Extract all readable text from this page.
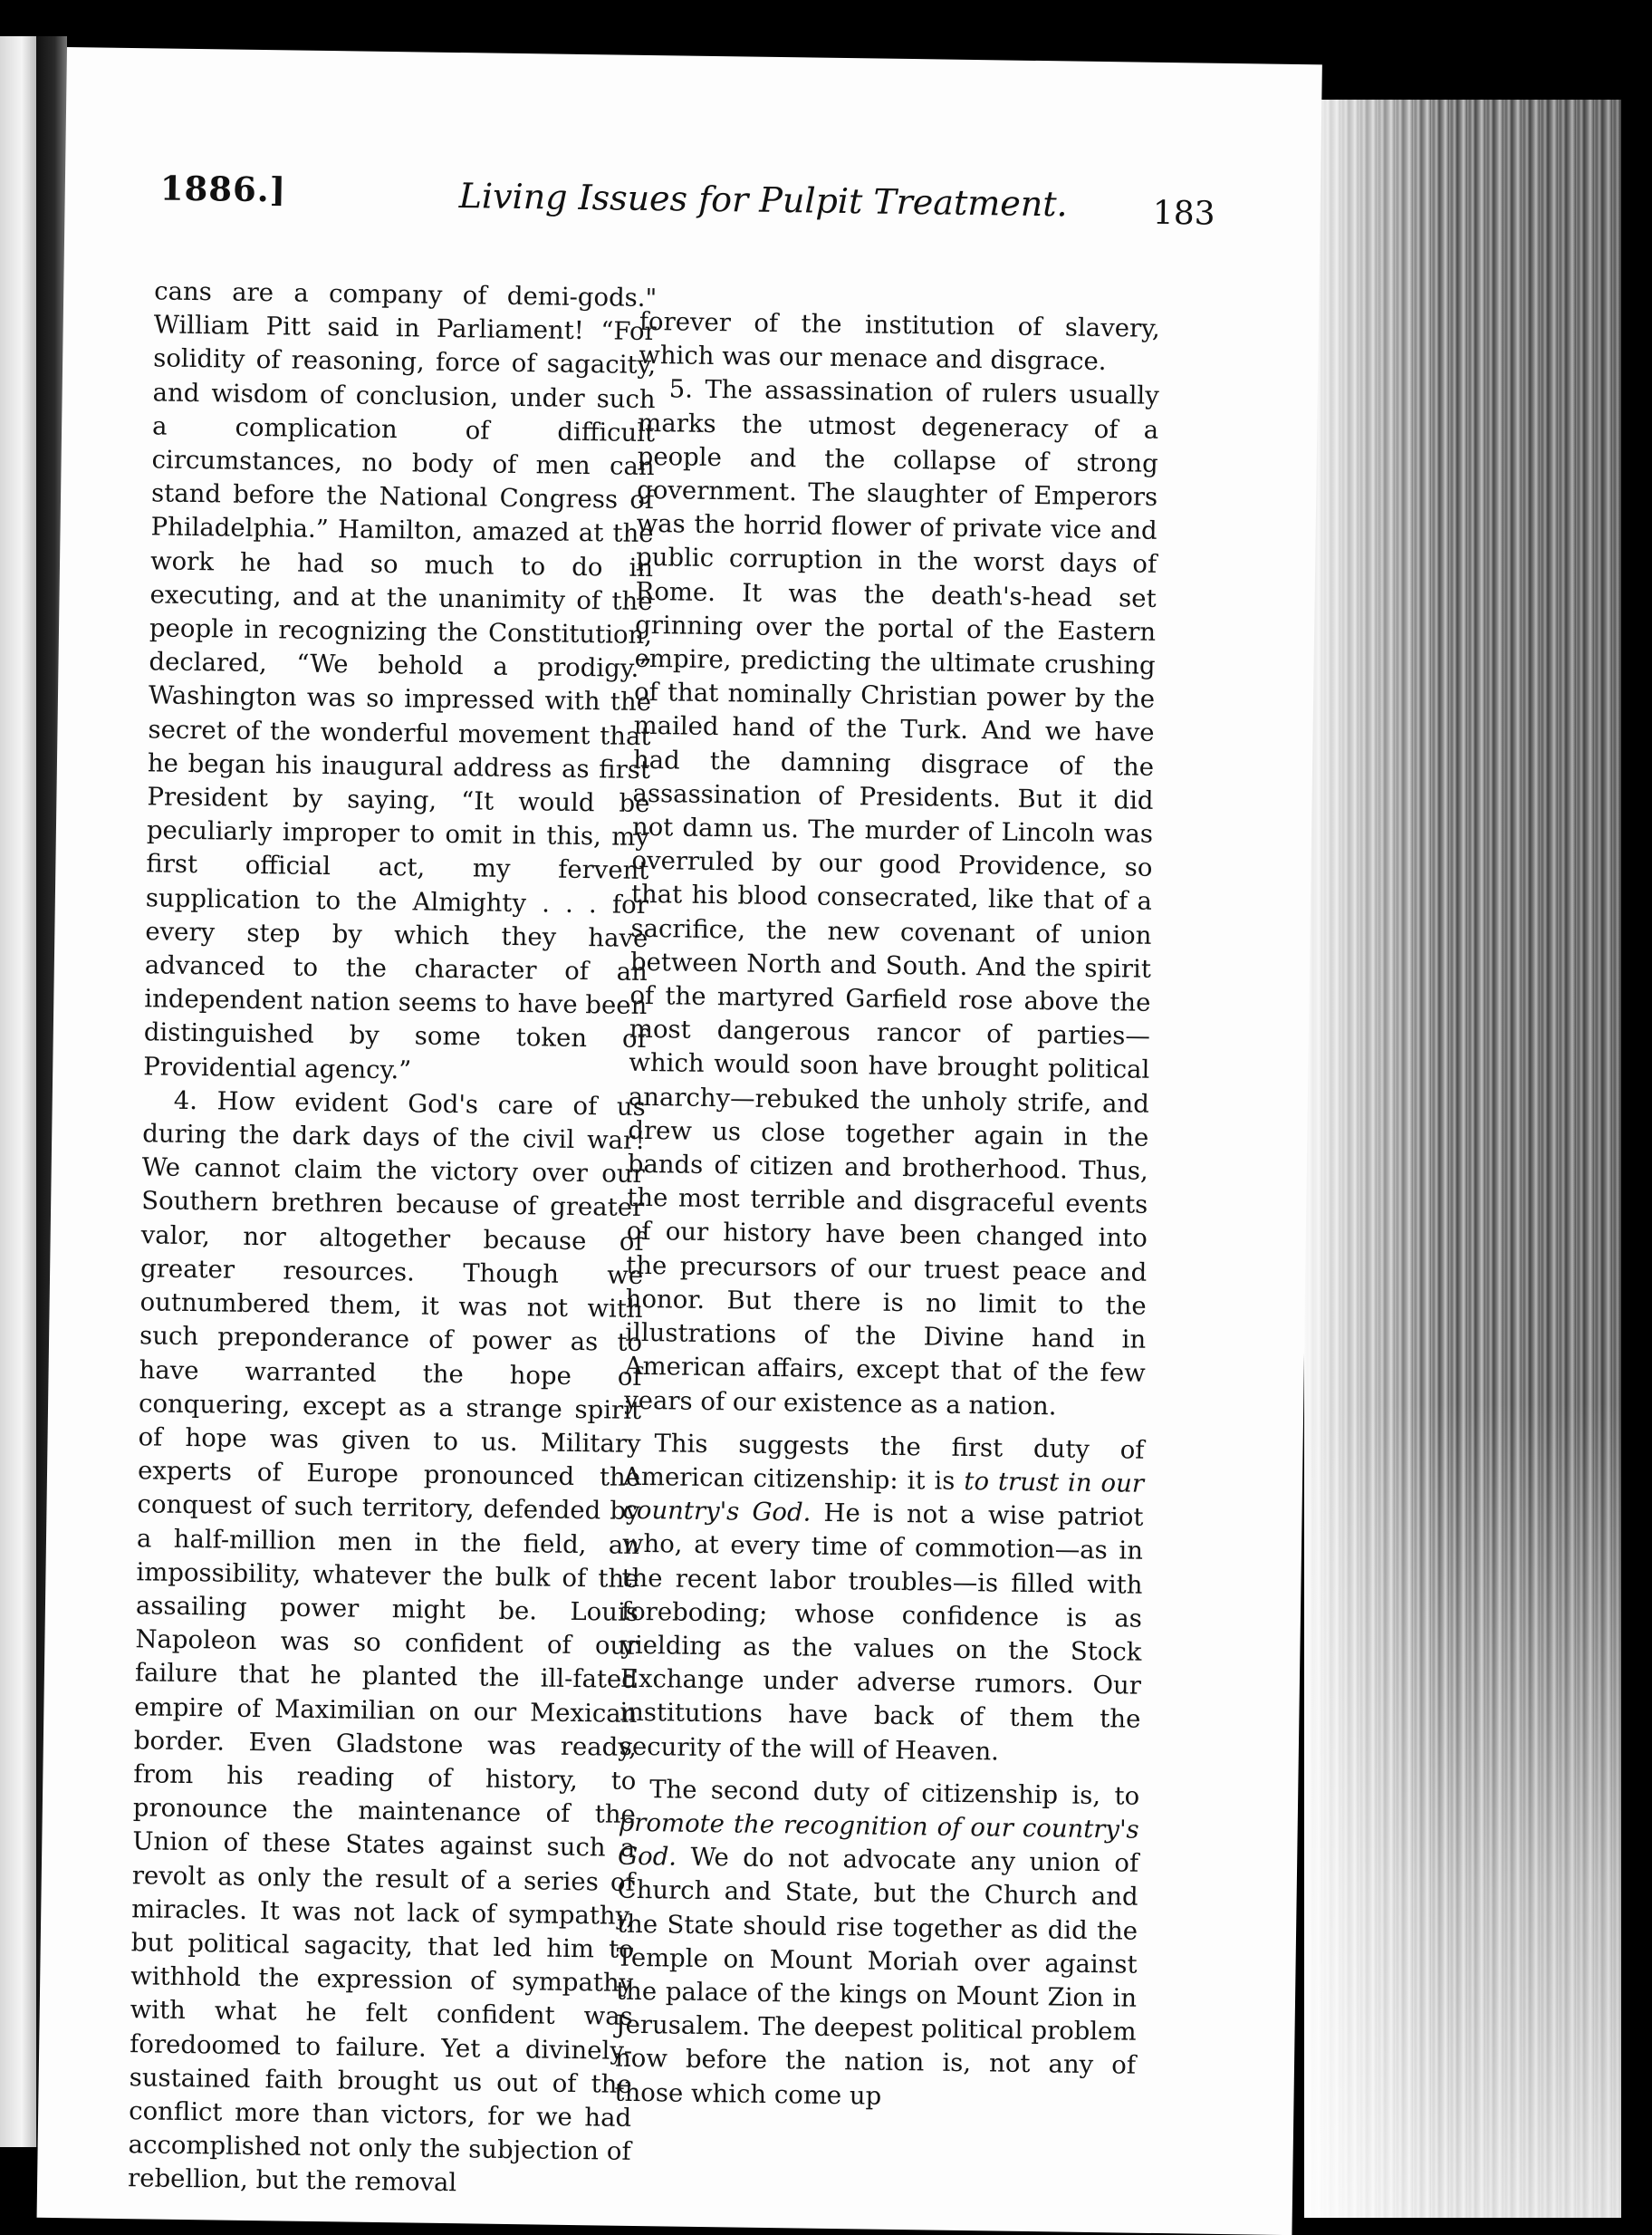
1886.]	Living Issues for Pulpit Treatment.	183

cans are a company of demi-gods." William Pitt said in Parliament! “For solidity of reasoning, force of sagacity, and wisdom of conclusion, under such a complication of difficult circumstances, no body of men can stand before the National Congress of Philadelphia.” Hamilton, amazed at the work he had so much to do in executing, and at the unanimity of the people in recognizing the Constitution, declared, “We behold a prodigy.” Washington was so impressed with the secret of the wonderful movement that he began his inaugural address as first President by saying, “It would be peculiarly improper to omit in this, my first official act, my fervent supplication to the Almighty . . . for every step by which they have advanced to the character of an independent nation seems to have been distinguished by some token of Providential agency.”

4. How evident God's care of us during the dark days of the civil war! We cannot claim the victory over our Southern brethren because of greater valor, nor altogether because of greater resources. Though we outnumbered them, it was not with such preponderance of power as to have warranted the hope of conquering, except as a strange spirit of hope was given to us. Military experts of Europe pronounced the conquest of such territory, defended by a half-million men in the field, an impossibility, whatever the bulk of the assailing power might be. Louis Napoleon was so confident of our failure that he planted the ill-fated empire of Maximilian on our Mexican border. Even Gladstone was ready, from his reading of history, to pronounce the maintenance of the Union of these States against such a revolt as only the result of a series of miracles. It was not lack of sympathy, but political sagacity, that led him to withhold the expression of sympathy with what he felt confident was foredoomed to failure. Yet a divinely-sustained faith brought us out of the conflict more than victors, for we had accomplished not only the subjection of rebellion, but the removal

forever of the institution of slavery, which was our menace and disgrace.

5. The assassination of rulers usually marks the utmost degeneracy of a people and the collapse of strong government. The slaughter of Emperors was the horrid flower of private vice and public corruption in the worst days of Rome. It was the death's-head set grinning over the portal of the Eastern empire, predicting the ultimate crushing of that nominally Christian power by the mailed hand of the Turk. And we have had the damning disgrace of the assassination of Presidents. But it did not damn us. The murder of Lincoln was overruled by our good Providence, so that his blood consecrated, like that of a sacrifice, the new covenant of union between North and South. And the spirit of the martyred Garfield rose above the most dangerous rancor of parties—which would soon have brought political anarchy—rebuked the unholy strife, and drew us close together again in the bands of citizen and brotherhood. Thus, the most terrible and disgraceful events of our history have been changed into the precursors of our truest peace and honor. But there is no limit to the illustrations of the Divine hand in American affairs, except that of the few years of our existence as a nation.

This suggests the first duty of American citizenship: it is to trust in our country's God. He is not a wise patriot who, at every time of commotion—as in the recent labor troubles—is filled with foreboding; whose confidence is as yielding as the values on the Stock Exchange under adverse rumors. Our institutions have back of them the security of the will of Heaven.

The second duty of citizenship is, to promote the recognition of our country's God. We do not advocate any union of Church and State, but the Church and the State should rise together as did the Temple on Mount Moriah over against the palace of the kings on Mount Zion in Jerusalem. The deepest political problem now before the nation is, not any of those which come up
